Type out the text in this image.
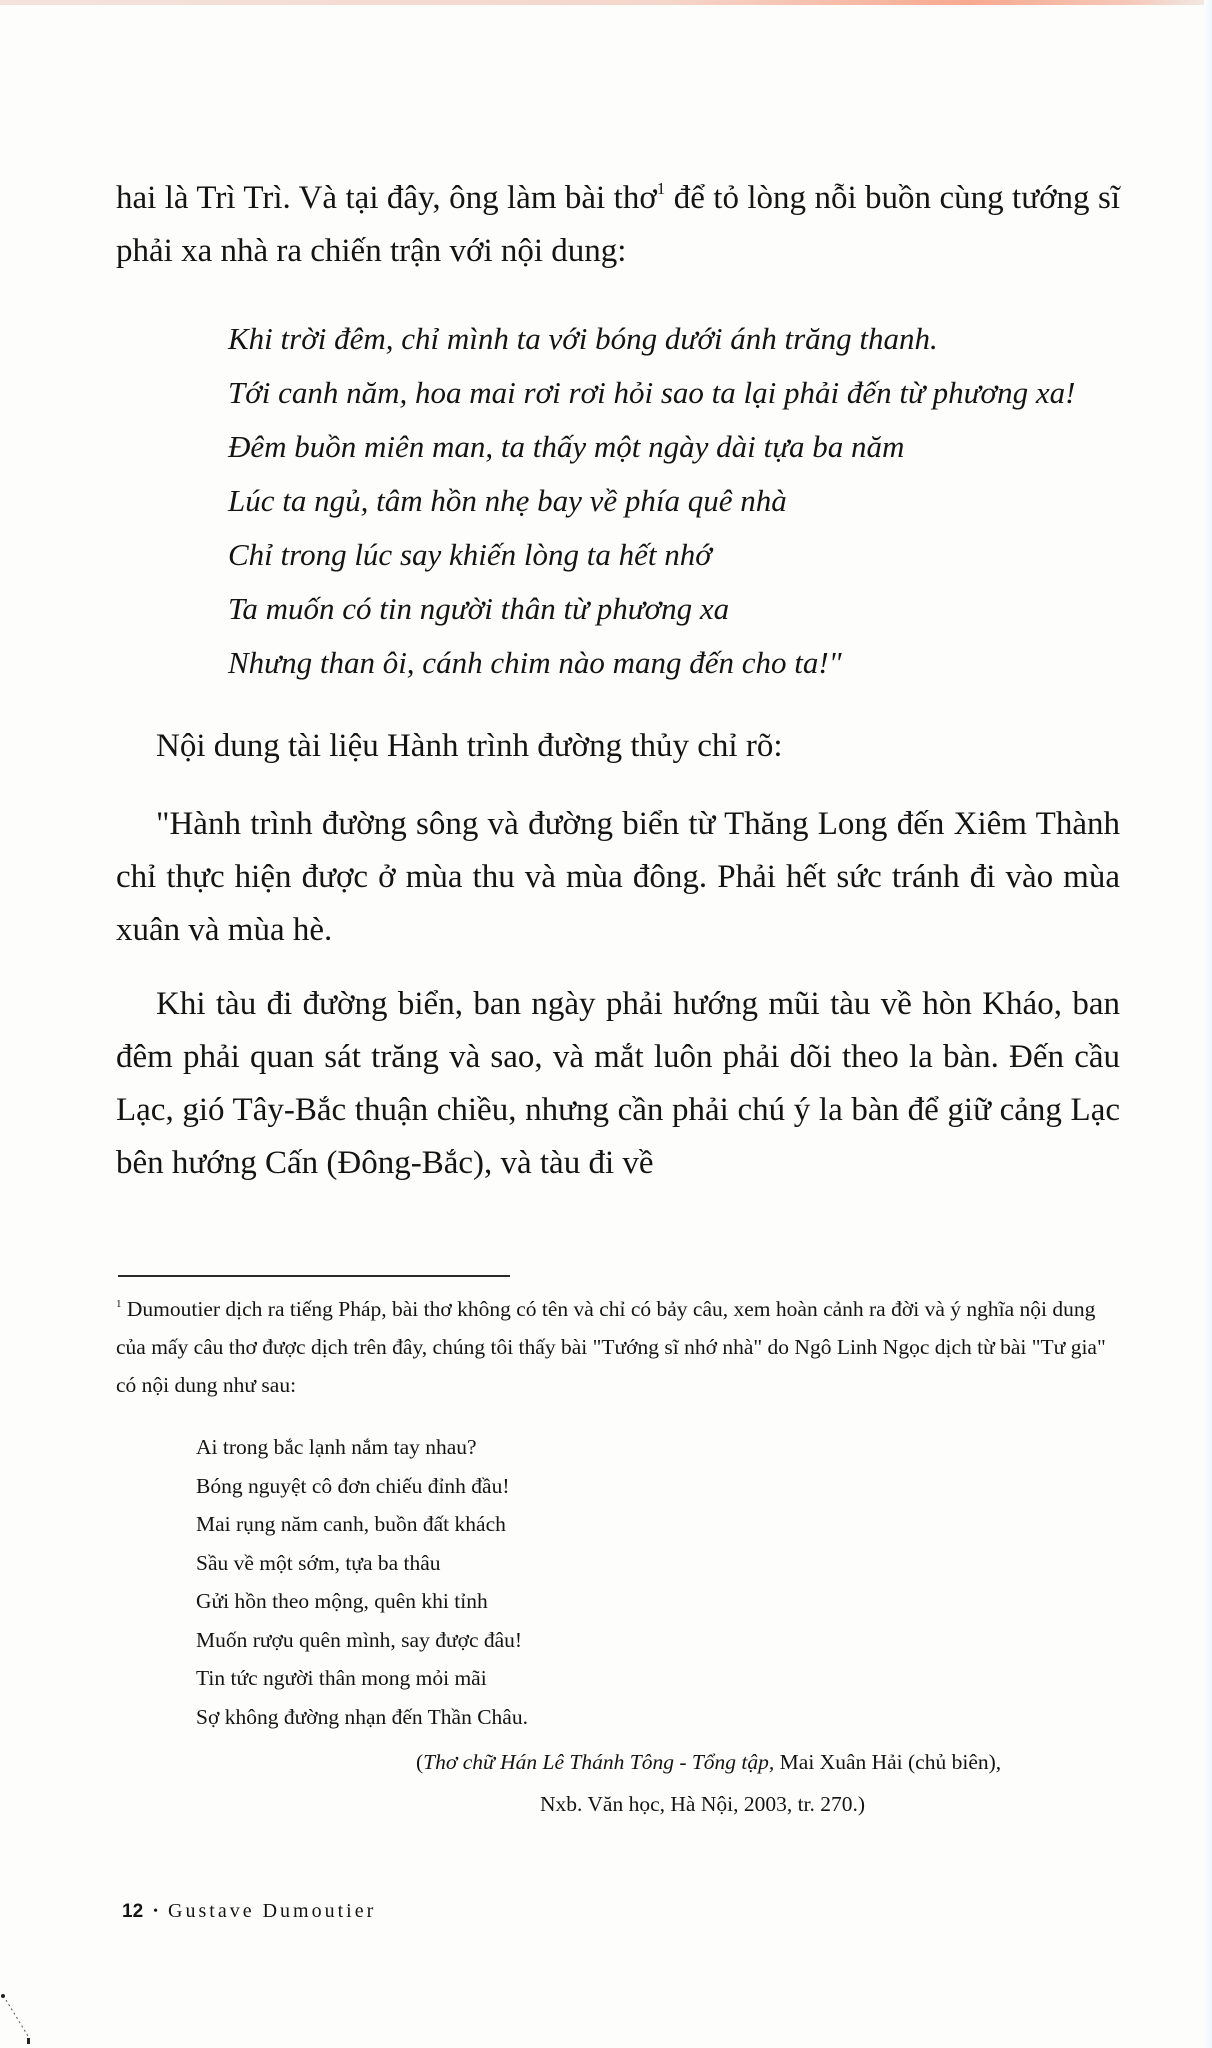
hai là Trì Trì. Và tại đây, ông làm bài thơ$^1$ để tỏ lòng nỗi buồn cùng tướng sĩ phải xa nhà ra chiến trận với nội dung:

Khi trời đêm, chỉ mình ta với bóng dưới ánh trăng thanh.
Tới canh năm, hoa mai rơi rơi hỏi sao ta lại phải đến từ phương xa!
Đêm buồn miên man, ta thấy một ngày dài tựa ba năm
Lúc ta ngủ, tâm hồn nhẹ bay về phía quê nhà
Chỉ trong lúc say khiến lòng ta hết nhớ
Ta muốn có tin người thân từ phương xa
Nhưng than ôi, cánh chim nào mang đến cho ta!"

Nội dung tài liệu Hành trình đường thủy chỉ rõ:

"Hành trình đường sông và đường biển từ Thăng Long đến Xiêm Thành chỉ thực hiện được ở mùa thu và mùa đông. Phải hết sức tránh đi vào mùa xuân và mùa hè.

Khi tàu đi đường biển, ban ngày phải hướng mũi tàu về hòn Kháo, ban đêm phải quan sát trăng và sao, và mắt luôn phải dõi theo la bàn. Đến cầu Lạc, gió Tây-Bắc thuận chiều, nhưng cần phải chú ý la bàn để giữ cảng Lạc bên hướng Cấn (Đông-Bắc), và tàu đi về

$^1$ Dumoutier dịch ra tiếng Pháp, bài thơ không có tên và chỉ có bảy câu, xem hoàn cảnh ra đời và ý nghĩa nội dung của mấy câu thơ được dịch trên đây, chúng tôi thấy bài "Tướng sĩ nhớ nhà" do Ngô Linh Ngọc dịch từ bài "Tư gia" có nội dung như sau:

Ai trong bắc lạnh nắm tay nhau?
Bóng nguyệt cô đơn chiếu đỉnh đầu!
Mai rụng năm canh, buồn đất khách
Sầu về một sớm, tựa ba thâu
Gửi hồn theo mộng, quên khi tỉnh
Muốn rượu quên mình, say được đâu!
Tin tức người thân mong mỏi mãi
Sợ không đường nhạn đến Thần Châu.
(Thơ chữ Hán Lê Thánh Tông - Tổng tập, Mai Xuân Hải (chủ biên),
Nxb. Văn học, Hà Nội, 2003, tr. 270.)
12 • Gustave Dumoutier
